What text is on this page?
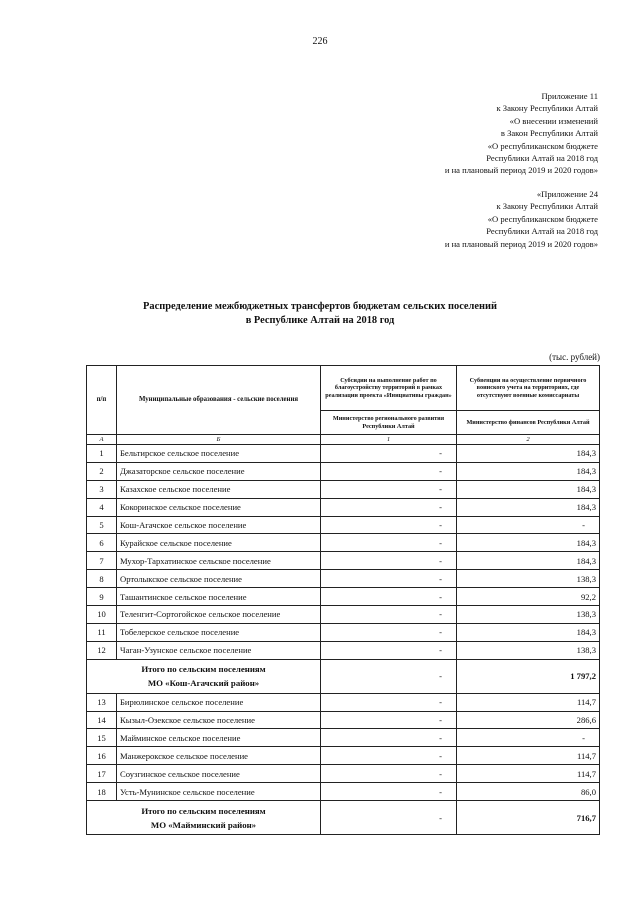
226
Приложение 11
к Закону Республики Алтай
«О внесении изменений
в Закон Республики Алтай
«О республиканском бюджете
Республики Алтай на 2018 год
и на плановый период 2019 и 2020 годов»
«Приложение 24
к Закону Республики Алтай
«О республиканском бюджете
Республики Алтай на 2018 год
и на плановый период 2019 и 2020 годов»
Распределение межбюджетных трансфертов бюджетам сельских поселений
в Республике Алтай на 2018 год
(тыс. рублей)
п/п	Муниципальные образования - сельские поселения	Субсидии на выполнение работ по благоустройству территорий в рамках реализации проекта «Инициативы граждан»	Субвенции на осуществление первичного воинского учета на территориях, где отсутствуют военные комиссариаты
		Министерство регионального развития Республики Алтай	Министерство финансов Республики Алтай
А	Б	1	2
1	Бельтирское сельское поселение	-	184,3
2	Джазаторское сельское поселение	-	184,3
3	Казахское сельское поселение	-	184,3
4	Кокоринское сельское поселение	-	184,3
5	Кош-Агачское сельское поселение	-	-
6	Курайское сельское поселение	-	184,3
7	Мухор-Тархатинское сельское поселение	-	184,3
8	Ортолыкское сельское поселение	-	138,3
9	Ташантинское сельское поселение	-	92,2
10	Теленгит-Сортогойское сельское поселение	-	138,3
11	Тобелерское сельское поселение	-	184,3
12	Чаган-Узунское сельское поселение	-	138,3

Итого по сельским поселениям
МО «Кош-Агачский район»		-	1 797,2
13	Бирюлинское сельское поселение	-	114,7
14	Кызыл-Озекское сельское поселение	-	286,6
15	Майминское сельское поселение	-	-
16	Манжерокское сельское поселение	-	114,7
17	Соузгинское сельское поселение	-	114,7
18	Усть-Мунинское сельское поселение	-	86,0

Итого по сельским поселениям
МО «Майминский район»		-	716,7
